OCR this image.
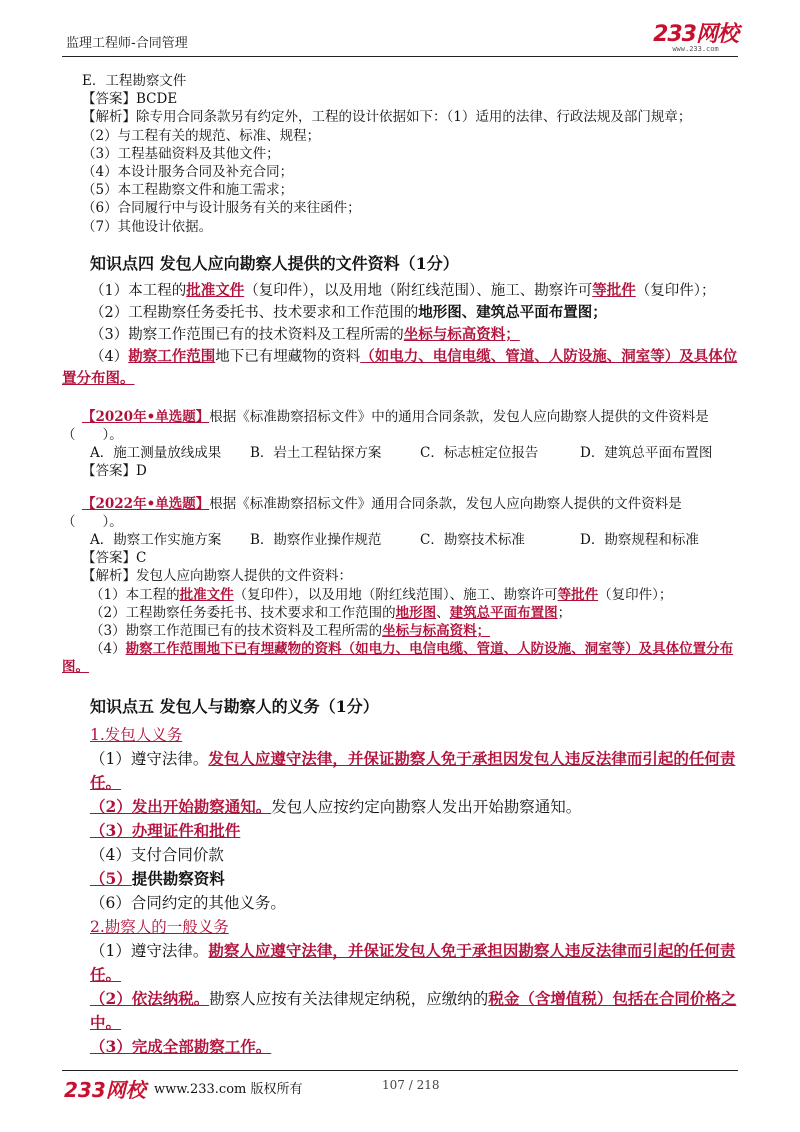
监理工程师-合同管理	233网校
www.233.com
E．工程勘察文件
【答案】BCDE
【解析】除专用合同条款另有约定外，工程的设计依据如下：（1）适用的法律、行政法规及部门规章；
（2）与工程有关的规范、标准、规程；
（3）工程基础资料及其他文件；
（4）本设计服务合同及补充合同；
（5）本工程勘察文件和施工需求；
（6）合同履行中与设计服务有关的来往函件；
（7）其他设计依据。
知识点四 发包人应向勘察人提供的文件资料（1分）
（1）本工程的批准文件（复印件），以及用地（附红线范围）、施工、勘察许可等批件（复印件）；
（2）工程勘察任务委托书、技术要求和工作范围的地形图、建筑总平面布置图；
（3）勘察工作范围已有的技术资料及工程所需的坐标与标高资料；
（4）勘察工作范围地下已有埋藏物的资料（如电力、电信电缆、管道、人防设施、洞室等）及具体位置分布图。
【2020年•单选题】根据《标准勘察招标文件》中的通用合同条款，发包人应向勘察人提供的文件资料是（　　）。
A．施工测量放线成果	B．岩土工程钻探方案	C．标志桩定位报告	D．建筑总平面布置图
【答案】D
【2022年•单选题】根据《标准勘察招标文件》通用合同条款，发包人应向勘察人提供的文件资料是（　　）。
A．勘察工作实施方案	B．勘察作业操作规范	C．勘察技术标准	D．勘察规程和标准
【答案】C
【解析】发包人应向勘察人提供的文件资料：
（1）本工程的批准文件（复印件），以及用地（附红线范围）、施工、勘察许可等批件（复印件）；
（2）工程勘察任务委托书、技术要求和工作范围的地形图、建筑总平面布置图；
（3）勘察工作范围已有的技术资料及工程所需的坐标与标高资料；
（4）勘察工作范围地下已有埋藏物的资料（如电力、电信电缆、管道、人防设施、洞室等）及具体位置分布图。
知识点五 发包人与勘察人的义务（1分）
1.发包人义务
（1）遵守法律。发包人应遵守法律，并保证勘察人免于承担因发包人违反法律而引起的任何责任。
（2）发出开始勘察通知。发包人应按约定向勘察人发出开始勘察通知。
（3）办理证件和批件
（4）支付合同价款
（5）提供勘察资料
（6）合同约定的其他义务。
2.勘察人的一般义务
（1）遵守法律。勘察人应遵守法律，并保证发包人免于承担因勘察人违反法律而引起的任何责任。
（2）依法纳税。勘察人应按有关法律规定纳税，应缴纳的税金（含增值税）包括在合同价格之中。
（3）完成全部勘察工作。
233网校 www.233.com 版权所有	107 / 218
